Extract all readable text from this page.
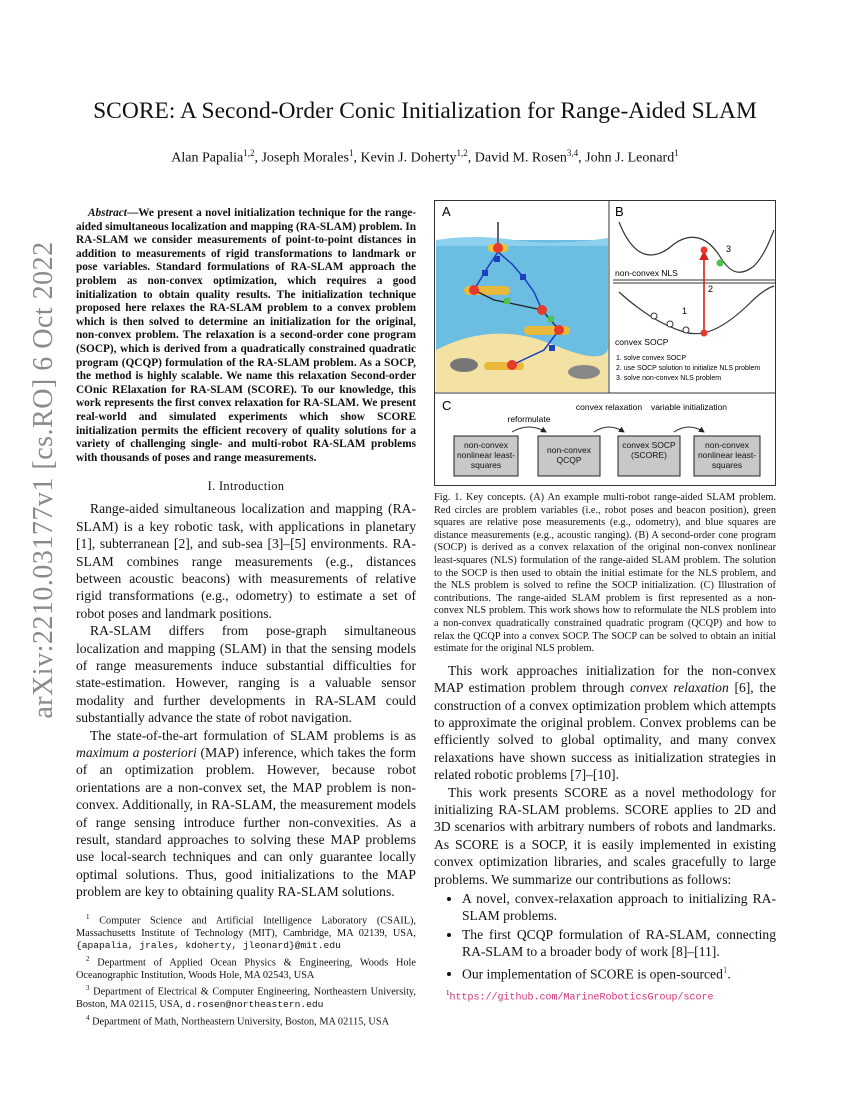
arXiv:2210.03177v1 [cs.RO] 6 Oct 2022
SCORE: A Second-Order Conic Initialization for Range-Aided SLAM
Alan Papalia$^{1,2}$, Joseph Morales$^1$, Kevin J. Doherty$^{1,2}$, David M. Rosen$^{3,4}$, John J. Leonard$^1$

Abstract—We present a novel initialization technique for the range-aided simultaneous localization and mapping (RA-SLAM) problem. In RA-SLAM we consider measurements of point-to-point distances in addition to measurements of rigid transformations to landmark or pose variables. Standard formulations of RA-SLAM approach the problem as non-convex optimization, which requires a good initialization to obtain quality results. The initialization technique proposed here relaxes the RA-SLAM problem to a convex problem which is then solved to determine an initialization for the original, non-convex problem. The relaxation is a second-order cone program (SOCP), which is derived from a quadratically constrained quadratic program (QCQP) formulation of the RA-SLAM problem. As a SOCP, the method is highly scalable. We name this relaxation Second-order COnic RElaxation for RA-SLAM (SCORE). To our knowledge, this work represents the first convex relaxation for RA-SLAM. We present real-world and simulated experiments which show SCORE initialization permits the efficient recovery of quality solutions for a variety of challenging single- and multi-robot RA-SLAM problems with thousands of poses and range measurements.

I. Introduction

Range-aided simultaneous localization and mapping (RA-SLAM) is a key robotic task, with applications in planetary [1], subterranean [2], and sub-sea [3]–[5] environments. RA-SLAM combines range measurements (e.g., distances between acoustic beacons) with measurements of relative rigid transformations (e.g., odometry) to estimate a set of robot poses and landmark positions.

RA-SLAM differs from pose-graph simultaneous localization and mapping (SLAM) in that the sensing models of range measurements induce substantial difficulties for state-estimation. However, ranging is a valuable sensor modality and further developments in RA-SLAM could substantially advance the state of robot navigation.

The state-of-the-art formulation of SLAM problems is as maximum a posteriori (MAP) inference, which takes the form of an optimization problem. However, because robot orientations are a non-convex set, the MAP problem is non-convex. Additionally, in RA-SLAM, the measurement models of range sensing introduce further non-convexities. As a result, standard approaches to solving these MAP problems use local-search techniques and can only guarantee locally optimal solutions. Thus, good initializations to the MAP problem are key to obtaining quality RA-SLAM solutions.

$^1$ Computer Science and Artificial Intelligence Laboratory (CSAIL), Massachusetts Institute of Technology (MIT), Cambridge, MA 02139, USA, {apapalia, jrales, kdoherty, jleonard}@mit.edu

$^2$ Department of Applied Ocean Physics & Engineering, Woods Hole Oceanographic Institution, Woods Hole, MA 02543, USA

$^3$ Department of Electrical & Computer Engineering, Northeastern University, Boston, MA 02115, USA, d.rosen@northeastern.edu

$^4$ Department of Math, Northeastern University, Boston, MA 02115, USA

A	B
non-convex NLS
convex SOCP
1
2
3
1. solve convex SOCP
2. use SOCP solution to initialize NLS problem
3. solve non-convex NLS problem
C
reformulate
convex relaxation variable initialization
non-convex nonlinear least-squares
non-convex QCQP
convex SOCP (SCORE)
non-convex nonlinear least-squares

Fig. 1. Key concepts. (A) An example multi-robot range-aided SLAM problem. Red circles are problem variables (i.e., robot poses and beacon position), green squares are relative pose measurements (e.g., odometry), and blue squares are distance measurements (e.g., acoustic ranging). (B) A second-order cone program (SOCP) is derived as a convex relaxation of the original non-convex nonlinear least-squares (NLS) formulation of the range-aided SLAM problem. The solution to the SOCP is then used to obtain the initial estimate for the NLS problem, and the NLS problem is solved to refine the SOCP initialization. (C) Illustration of contributions. The range-aided SLAM problem is first represented as a non-convex NLS problem. This work shows how to reformulate the NLS problem into a non-convex quadratically constrained quadratic program (QCQP) and how to relax the QCQP into a convex SOCP. The SOCP can be solved to obtain an initial estimate for the original NLS problem.

This work approaches initialization for the non-convex MAP estimation problem through convex relaxation [6], the construction of a convex optimization problem which attempts to approximate the original problem. Convex problems can be efficiently solved to global optimality, and many convex relaxations have shown success as initialization strategies in related robotic problems [7]–[10].

This work presents SCORE as a novel methodology for initializing RA-SLAM problems. SCORE applies to 2D and 3D scenarios with arbitrary numbers of robots and landmarks. As SCORE is a SOCP, it is easily implemented in existing convex optimization libraries, and scales gracefully to large problems. We summarize our contributions as follows:

• A novel, convex-relaxation approach to initializing RA-SLAM problems.
• The first QCQP formulation of RA-SLAM, connecting RA-SLAM to a broader body of work [8]–[11].
• Our implementation of SCORE is open-sourced$^1$.
$^1$https://github.com/MarineRoboticsGroup/score
